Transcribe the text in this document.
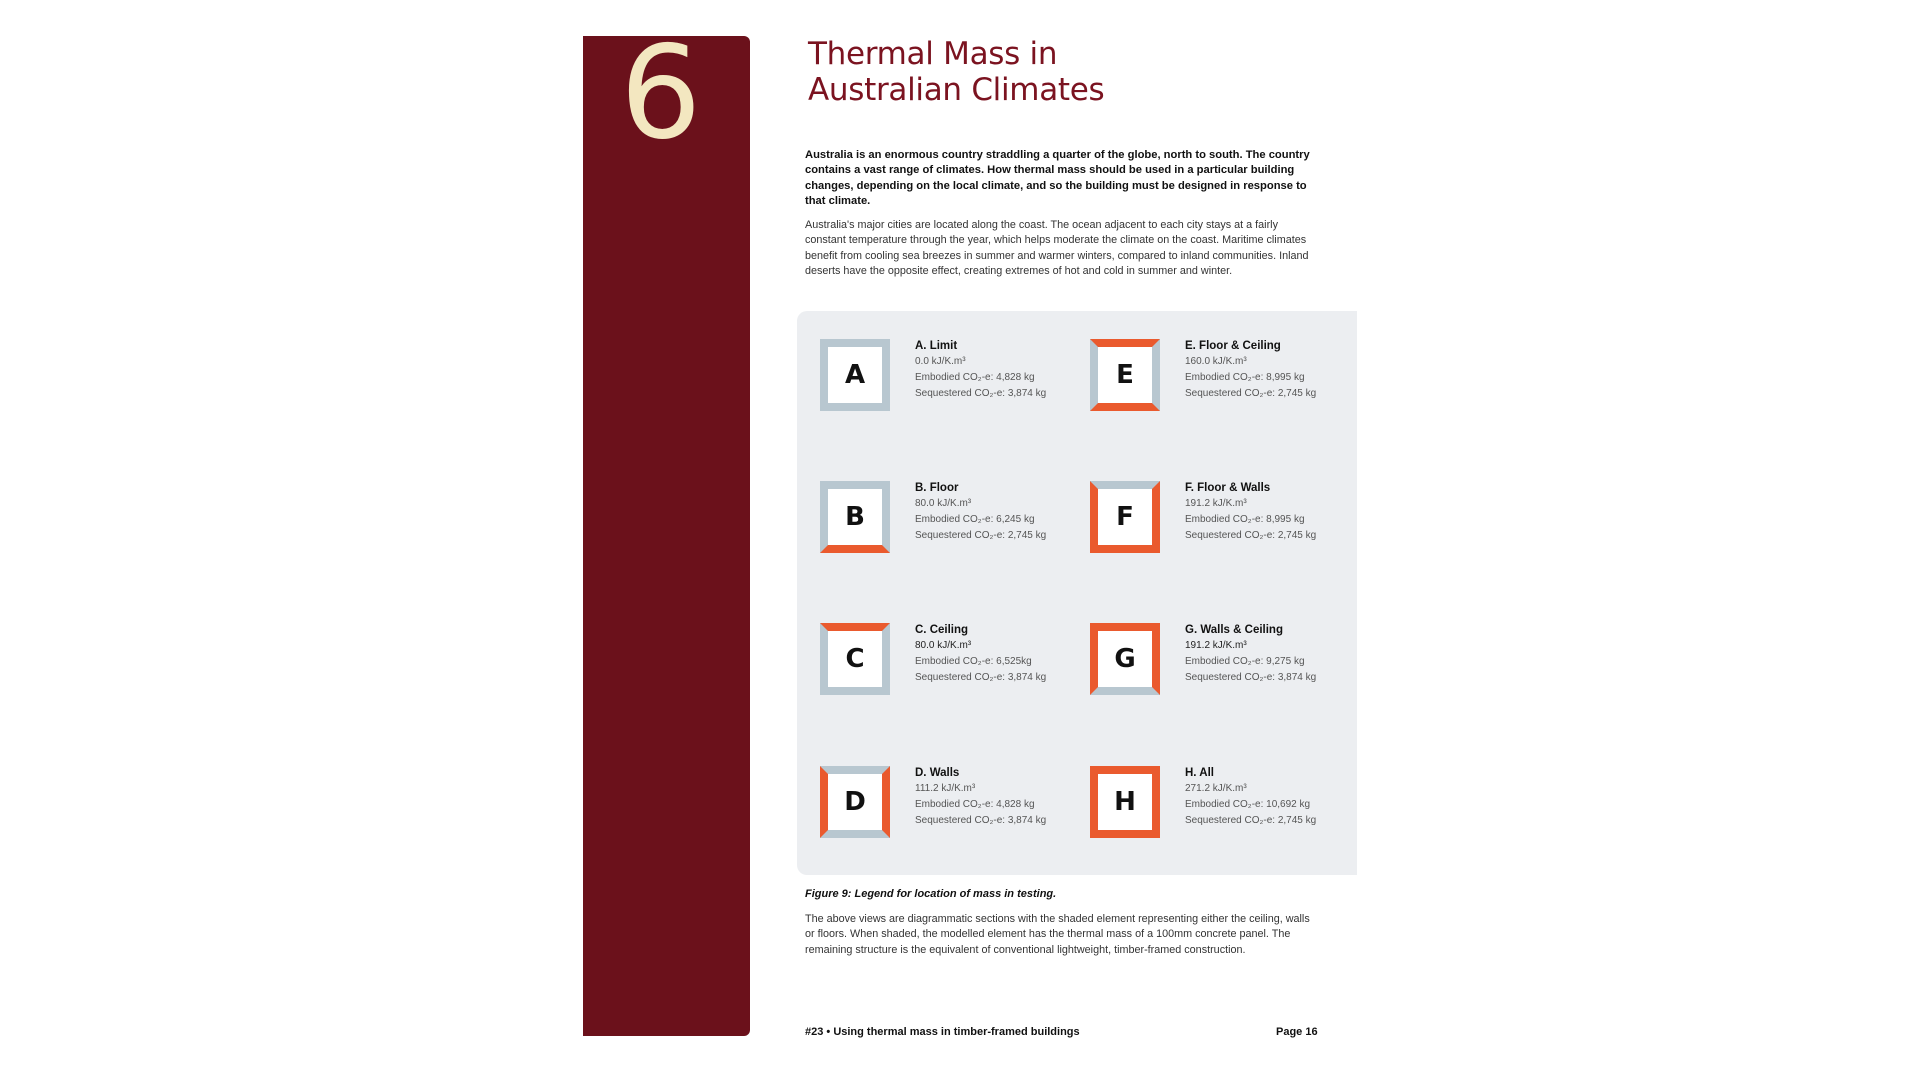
6	Thermal Mass in
Australian Climates

Australia is an enormous country straddling a quarter of the globe, north to south. The country contains a vast range of climates. How thermal mass should be used in a particular building changes, depending on the local climate, and so the building must be designed in response to that climate.

Australia's major cities are located along the coast. The ocean adjacent to each city stays at a fairly constant temperature through the year, which helps moderate the climate on the coast. Maritime climates benefit from cooling sea breezes in summer and warmer winters, compared to inland communities. Inland deserts have the opposite effect, creating extremes of hot and cold in summer and winter.

A
A. Limit
0.0 kJ/K.m³
Embodied CO₂-e: 4,828 kg
Sequestered CO₂-e: 3,874 kg
E
E. Floor & Ceiling
160.0 kJ/K.m³
Embodied CO₂-e: 8,995 kg
Sequestered CO₂-e: 2,745 kg
B
B. Floor
80.0 kJ/K.m³
Embodied CO₂-e: 6,245 kg
Sequestered CO₂-e: 2,745 kg
F
F. Floor & Walls
191.2 kJ/K.m³
Embodied CO₂-e: 8,995 kg
Sequestered CO₂-e: 2,745 kg
C
C. Ceiling
80.0 kJ/K.m³
Embodied CO₂-e: 6,525kg
Sequestered CO₂-e: 3,874 kg
G
G. Walls & Ceiling
191.2 kJ/K.m³
Embodied CO₂-e: 9,275 kg
Sequestered CO₂-e: 3,874 kg
D
D. Walls
111.2 kJ/K.m³
Embodied CO₂-e: 4,828 kg
Sequestered CO₂-e: 3,874 kg
H
H. All
271.2 kJ/K.m³
Embodied CO₂-e: 10,692 kg
Sequestered CO₂-e: 2,745 kg

Figure 9: Legend for location of mass in testing.

The above views are diagrammatic sections with the shaded element representing either the ceiling, walls or floors. When shaded, the modelled element has the thermal mass of a 100mm concrete panel. The remaining structure is the equivalent of conventional lightweight, timber-framed construction.

#23 • Using thermal mass in timber-framed buildings	Page 16
